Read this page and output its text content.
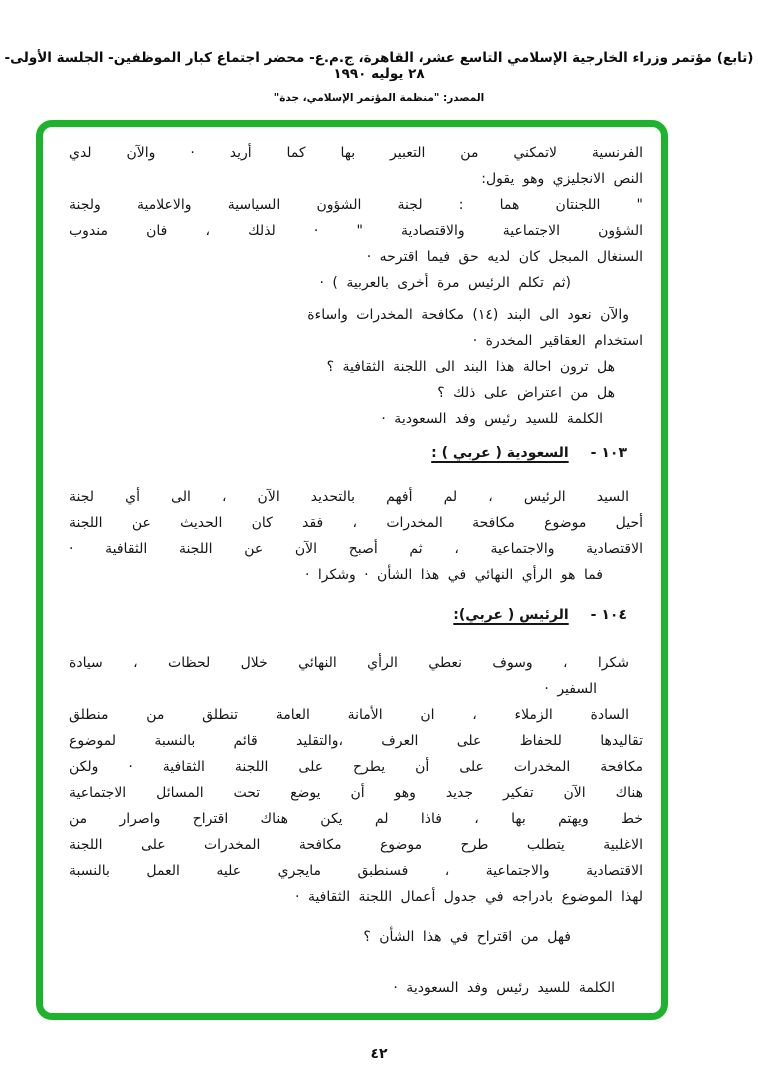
(تابع) مؤتمر وزراء الخارجية الإسلامي التاسع عشر، القاهرة، ج.م.ع- محضر اجتماع كبار الموظفين- الجلسة الأولى- ٢٨ يوليه ١٩٩٠
المصدر: "منظمة المؤتمر الإسلامي، جدة"
الفرنسية لاتمكني من التعبير بها كما أريد · والآن لدي
النص الانجليزي وهو يقول:
" اللجنتان هما : لجنة الشؤون السياسية والاعلامية ولجنة
الشؤون الاجتماعية والاقتصادية " · لذلك ، فان مندوب
السنغال المبجل كان لديه حق فيما اقترحه ·
(ثم تكلم الرئيس مرة أخرى بالعربية ) ·
والآن نعود الى البند (١٤) مكافحة المخدرات واساءة
استخدام العقاقير المخدرة ·
هل ترون احالة هذا البند الى اللجنة الثقافية ؟
هل من اعتراض على ذلك ؟
الكلمة للسيد رئيس وفد السعودية ·
١٠٣ -السعودية ( عربي ) :
السيد الرئيس ، لم أفهم بالتحديد الآن ، الى أي لجنة
أحيل موضوع مكافحة المخدرات ، فقد كان الحديث عن اللجنة
الاقتصادية والاجتماعية ، ثم أصبح الآن عن اللجنة الثقافية ·
فما هو الرأي النهائي في هذا الشأن · وشكرا ·
١٠٤ -الرئيس ( عربي):
شكرا ، وسوف نعطي الرأي النهائي خلال لحظات ، سيادة
السفير ·
السادة الزملاء ، ان الأمانة العامة تنطلق من منطلق
تقاليدها للحفاظ على العرف ،والتقليد قائم بالنسبة لموضوع
مكافحة المخدرات على أن يطرح على اللجنة الثقافية · ولكن
هناك الآن تفكير جديد وهو أن يوضع تحت المسائل الاجتماعية
خط ويهتم بها ، فاذا لم يكن هناك اقتراح واصرار من
الاغلبية يتطلب طرح موضوع مكافحة المخدرات على اللجنة
الاقتصادية والاجتماعية ، فسنطبق مايجري عليه العمل بالنسبة
لهذا الموضوع بادراجه في جدول أعمال اللجنة الثقافية ·
فهل من اقتراح في هذا الشأن ؟
الكلمة للسيد رئيس وفد السعودية ·
٤٢
